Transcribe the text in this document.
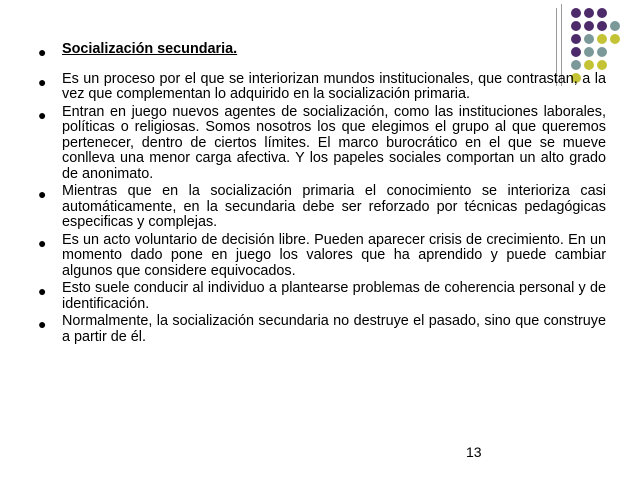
● Socialización secundaria.
● Es un proceso por el que se interiorizan mundos institucionales, que contrastan, a la vez que complementan lo adquirido en la socialización primaria.
● Entran en juego nuevos agentes de socialización, como las instituciones laborales, políticas o religiosas. Somos nosotros los que elegimos el grupo al que queremos pertenecer, dentro de ciertos límites. El marco burocrático en el que se mueve conlleva una menor carga afectiva. Y los papeles sociales comportan un alto grado de anonimato.
● Mientras que en la socialización primaria el conocimiento se interioriza casi automáticamente, en la secundaria debe ser reforzado por técnicas pedagógicas especificas y complejas.
● Es un acto voluntario de decisión libre. Pueden aparecer crisis de crecimiento. En un momento dado pone en juego los valores que ha aprendido y puede cambiar algunos que considere equivocados.
● Esto suele conducir al individuo a plantearse problemas de coherencia personal y de identificación.
● Normalmente, la socialización secundaria no destruye el pasado, sino que construye a partir de él.
13
